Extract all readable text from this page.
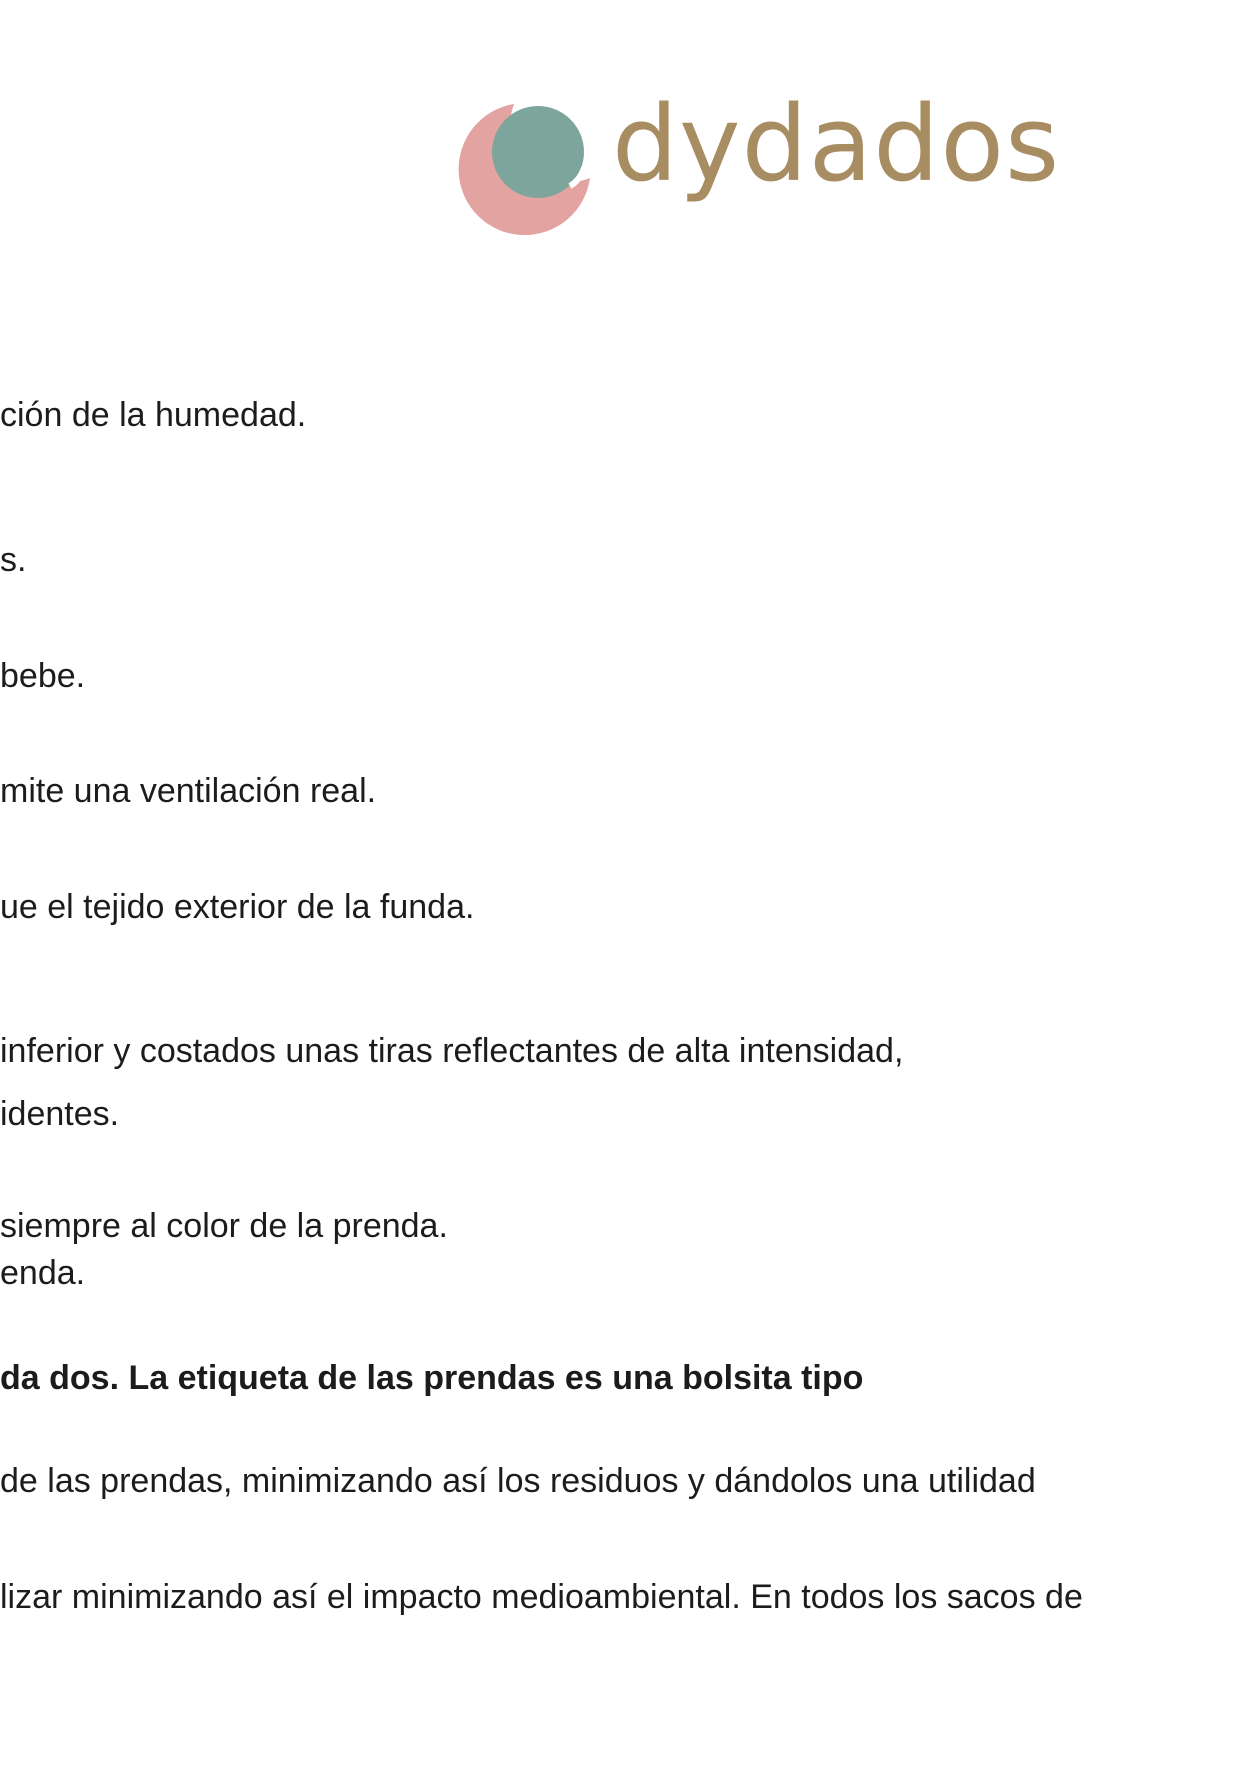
dydados

ción de la humedad.

s.

bebe.

mite una ventilación real.

ue el tejido exterior de la funda.

inferior y costados unas tiras reflectantes de alta intensidad,

identes.

siempre al color de la prenda.

enda.

da dos. La etiqueta de las prendas es una bolsita tipo

de las prendas, minimizando así los residuos y dándolos una utilidad

lizar minimizando así el impacto medioambiental. En todos los sacos de
